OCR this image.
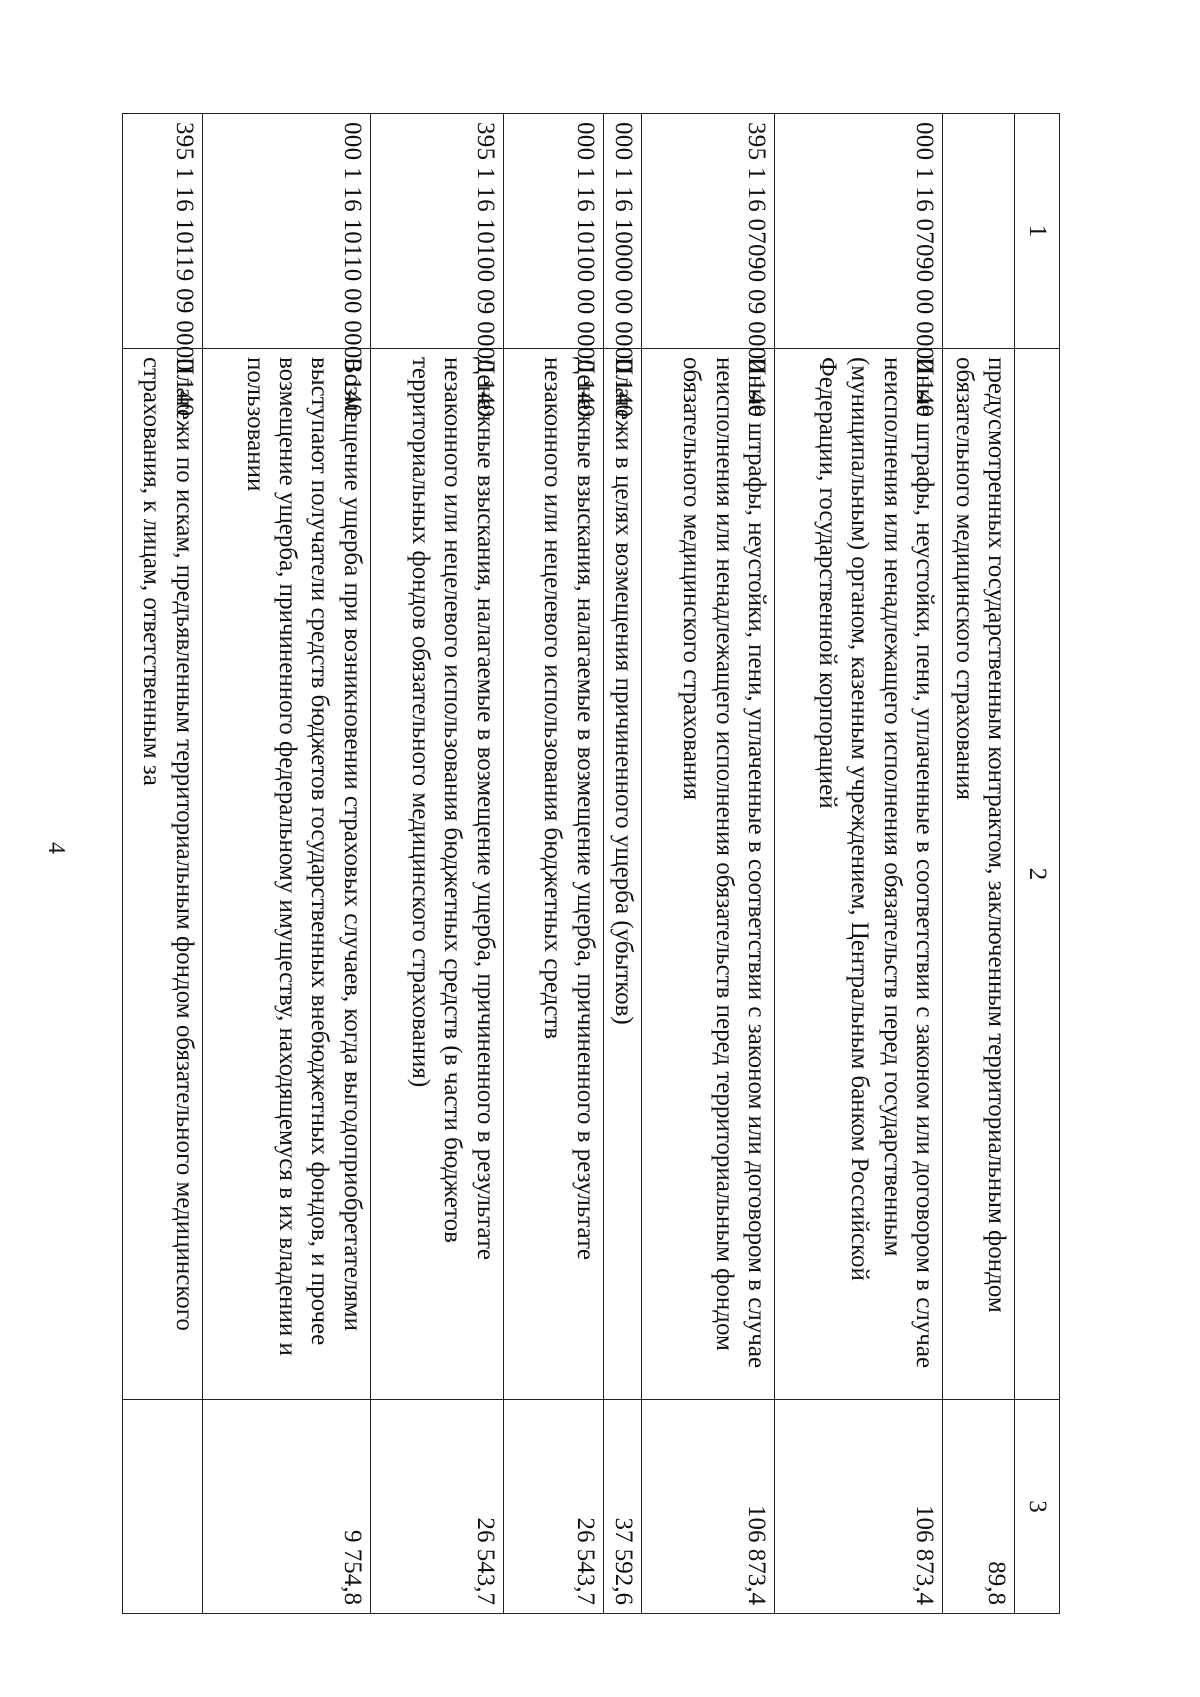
4
1	2	3
	предусмотренных государственным контрактом, заключенным территориальным фондом обязательного медицинского страхования	89,8
000 1 16 07090 00 0000 140	Иные штрафы, неустойки, пени, уплаченные в соответствии с законом или договором в случае неисполнения или ненадлежащего исполнения обязательств перед государственным (муниципальным) органом, казенным учреждением, Центральным банком Российской Федерации, государственной корпорацией	106 873,4
395 1 16 07090 09 0000 140	Иные штрафы, неустойки, пени, уплаченные в соответствии с законом или договором в случае неисполнения или ненадлежащего исполнения обязательств перед территориальным фондом обязательного медицинского страхования	106 873,4
000 1 16 10000 00 0000 140	Платежи в целях возмещения причиненного ущерба (убытков)	37 592,6
000 1 16 10100 00 0000 140	Денежные взыскания, налагаемые в возмещение ущерба, причиненного в результате незаконного или нецелевого использования бюджетных средств	26 543,7
395 1 16 10100 09 0000 140	Денежные взыскания, налагаемые в возмещение ущерба, причиненного в результате незаконного или нецелевого использования бюджетных средств (в части бюджетов территориальных фондов обязательного медицинского страхования)	26 543,7
000 1 16 10110 00 0000 140	Возмещение ущерба при возникновении страховых случаев, когда выгодоприобретателями выступают получатели средств бюджетов государственных внебюджетных фондов, и прочее возмещение ущерба, причиненного федеральному имуществу, находящемуся в их владении и пользовании	9 754,8
395 1 16 10119 09 0000 140	Платежи по искам, предъявленным территориальным фондом обязательного медицинского страхования, к лицам, ответственным за	
